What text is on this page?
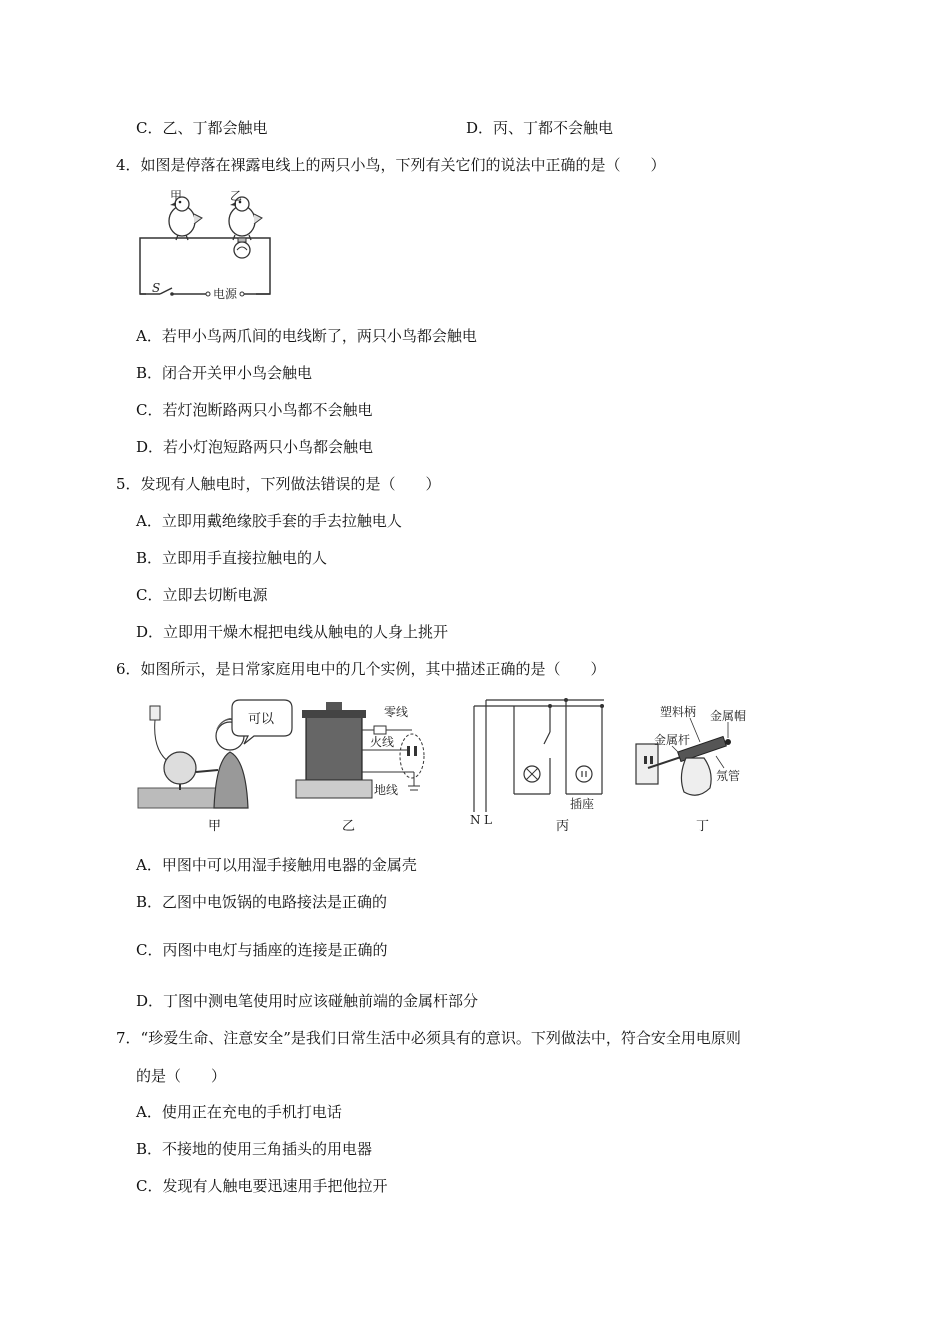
C．乙、丁都会触电	D．丙、丁都不会触电
4．如图是停落在裸露电线上的两只小鸟，下列有关它们的说法中正确的是（　　）
甲	乙
S	电源
A．若甲小鸟两爪间的电线断了，两只小鸟都会触电
B．闭合开关甲小鸟会触电
C．若灯泡断路两只小鸟都不会触电
D．若小灯泡短路两只小鸟都会触电
5．发现有人触电时，下列做法错误的是（　　）
A．立即用戴绝缘胶手套的手去拉触电人
B．立即用手直接拉触电的人
C．立即去切断电源
D．立即用干燥木棍把电线从触电的人身上挑开
6．如图所示，是日常家庭用电中的几个实例，其中描述正确的是（　　）
可以
甲
零线
火线
地线
乙	N L
插座
丙
塑料柄 金属帽
金属杆
氖管
丁
A．甲图中可以用湿手接触用电器的金属壳
B．乙图中电饭锅的电路接法是正确的
C．丙图中电灯与插座的连接是正确的
D．丁图中测电笔使用时应该碰触前端的金属杆部分
7．“珍爱生命、注意安全”是我们日常生活中必须具有的意识。下列做法中，符合安全用电原则
的是（　　）
A．使用正在充电的手机打电话
B．不接地的使用三角插头的用电器
C．发现有人触电要迅速用手把他拉开
